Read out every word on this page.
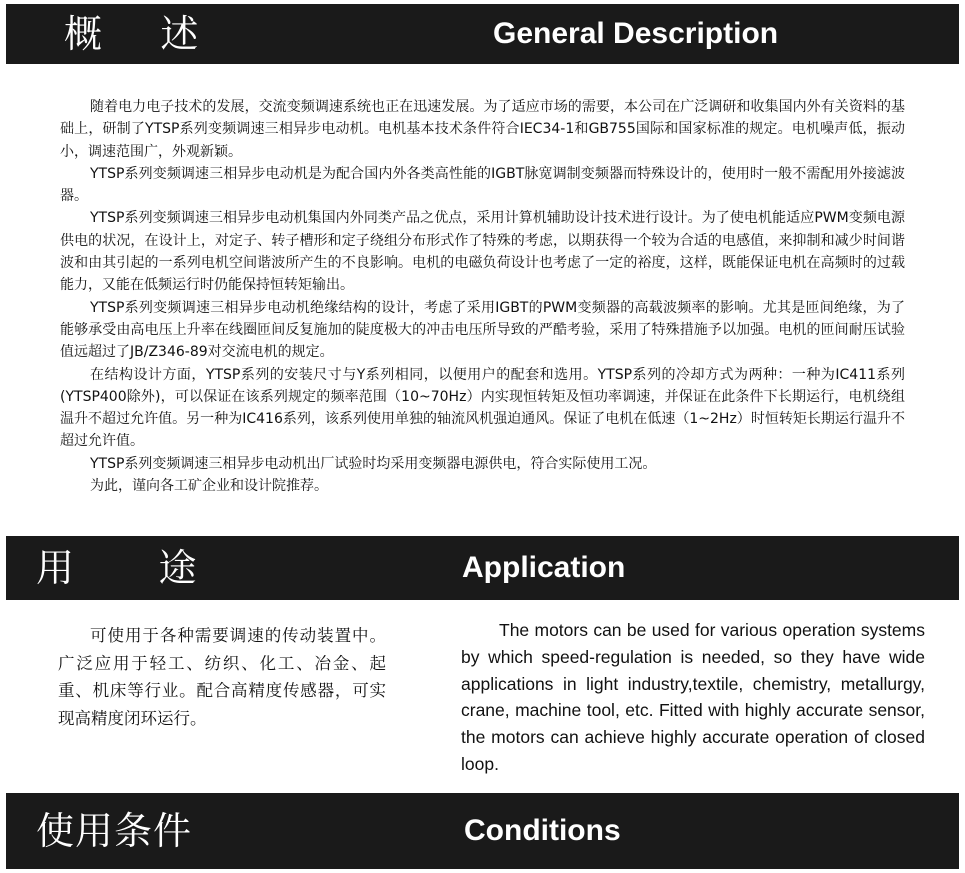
概    述	General Description

随着电力电子技术的发展，交流变频调速系统也正在迅速发展。为了适应市场的需要，本公司在广泛调研和收集国内外有关资料的基础上，研制了YTSP系列变频调速三相异步电动机。电机基本技术条件符合IEC34-1和GB755国际和国家标准的规定。电机噪声低，振动小，调速范围广，外观新颖。

YTSP系列变频调速三相异步电动机是为配合国内外各类高性能的IGBT脉宽调制变频器而特殊设计的，使用时一般不需配用外接滤波器。

YTSP系列变频调速三相异步电动机集国内外同类产品之优点，采用计算机辅助设计技术进行设计。为了使电机能适应PWM变频电源供电的状况，在设计上，对定子、转子槽形和定子绕组分布形式作了特殊的考虑，以期获得一个较为合适的电感值，来抑制和减少时间谐波和由其引起的一系列电机空间谐波所产生的不良影响。电机的电磁负荷设计也考虑了一定的裕度，这样，既能保证电机在高频时的过载能力，又能在低频运行时仍能保持恒转矩输出。

YTSP系列变频调速三相异步电动机绝缘结构的设计，考虑了采用IGBT的PWM变频器的高载波频率的影响。尤其是匝间绝缘，为了能够承受由高电压上升率在线圈匝间反复施加的陡度极大的冲击电压所导致的严酷考验，采用了特殊措施予以加强。电机的匝间耐压试验值远超过了JB/Z346-89对交流电机的规定。

在结构设计方面，YTSP系列的安装尺寸与Y系列相同，以便用户的配套和选用。YTSP系列的冷却方式为两种：一种为IC411系列(YTSP400除外)，可以保证在该系列规定的频率范围（10~70Hz）内实现恒转矩及恒功率调速，并保证在此条件下长期运行，电机绕组温升不超过允许值。另一种为IC416系列，该系列使用单独的轴流风机强迫通风。保证了电机在低速（1~2Hz）时恒转矩长期运行温升不超过允许值。

YTSP系列变频调速三相异步电动机出厂试验时均采用变频器电源供电，符合实际使用工况。

为此，谨向各工矿企业和设计院推荐。

用       途	Application

可使用于各种需要调速的传动装置中。广泛应用于轻工、纺织、化工、冶金、起重、机床等行业。配合高精度传感器，可实现高精度闭环运行。

The motors can be used for various operation systems by which speed-regulation is needed, so they have wide applications in light industry,textile, chemistry, metallurgy, crane, machine tool, etc. Fitted with highly accurate sensor, the motors can achieve highly accurate operation of closed loop.

使用条件	Conditions
